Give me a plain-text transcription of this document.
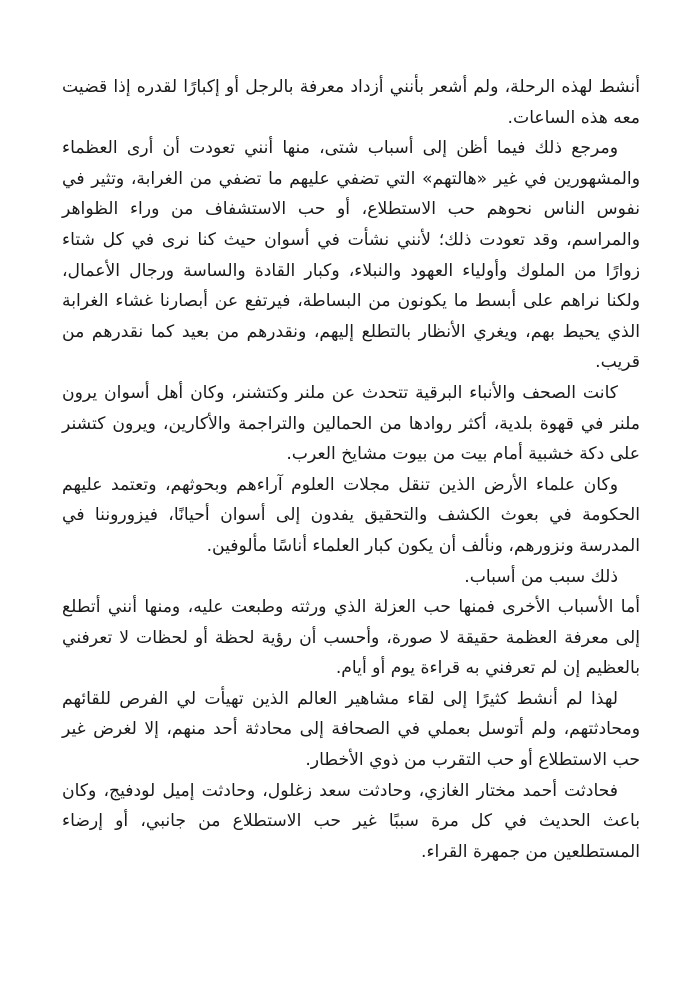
أنشط لهذه الرحلة، ولم أشعر بأنني أزداد معرفة بالرجل أو إكبارًا لقدره إذا قضيت معه هذه الساعات.

ومرجع ذلك فيما أظن إلى أسباب شتى، منها أنني تعودت أن أرى العظماء والمشهورين في غير «هالتهم» التي تضفي عليهم ما تضفي من الغرابة، وتثير في نفوس الناس نحوهم حب الاستطلاع، أو حب الاستشفاف من وراء الظواهر والمراسم، وقد تعودت ذلك؛ لأنني نشأت في أسوان حيث كنا نرى في كل شتاء زوارًا من الملوك وأولياء العهود والنبلاء، وكبار القادة والساسة ورجال الأعمال، ولكنا نراهم على أبسط ما يكونون من البساطة، فيرتفع عن أبصارنا غشاء الغرابة الذي يحيط بهم، ويغري الأنظار بالتطلع إليهم، ونقدرهم من بعيد كما نقدرهم من قريب.

كانت الصحف والأنباء البرقية تتحدث عن ملنر وكتشنر، وكان أهل أسوان يرون ملنر في قهوة بلدية، أكثر روادها من الحمالين والتراجمة والأكارين، ويرون كتشنر على دكة خشبية أمام بيت من بيوت مشايخ العرب.

وكان علماء الأرض الذين تنقل مجلات العلوم آراءهم وبحوثهم، وتعتمد عليهم الحكومة في بعوث الكشف والتحقيق يفدون إلى أسوان أحيانًا، فيزوروننا في المدرسة ونزورهم، ونألف أن يكون كبار العلماء أناسًا مألوفين.

ذلك سبب من أسباب.

أما الأسباب الأخرى فمنها حب العزلة الذي ورثته وطبعت عليه، ومنها أنني أتطلع إلى معرفة العظمة حقيقة لا صورة، وأحسب أن رؤية لحظة أو لحظات لا تعرفني بالعظيم إن لم تعرفني به قراءة يوم أو أيام.

لهذا لم أنشط كثيرًا إلى لقاء مشاهير العالم الذين تهيأت لي الفرص للقائهم ومحادثتهم، ولم أتوسل بعملي في الصحافة إلى محادثة أحد منهم، إلا لغرض غير حب الاستطلاع أو حب التقرب من ذوي الأخطار.

فحادثت أحمد مختار الغازي، وحادثت سعد زغلول، وحادثت إميل لودفيج، وكان باعث الحديث في كل مرة سببًا غير حب الاستطلاع من جانبي، أو إرضاء المستطلعين من جمهرة القراء.
